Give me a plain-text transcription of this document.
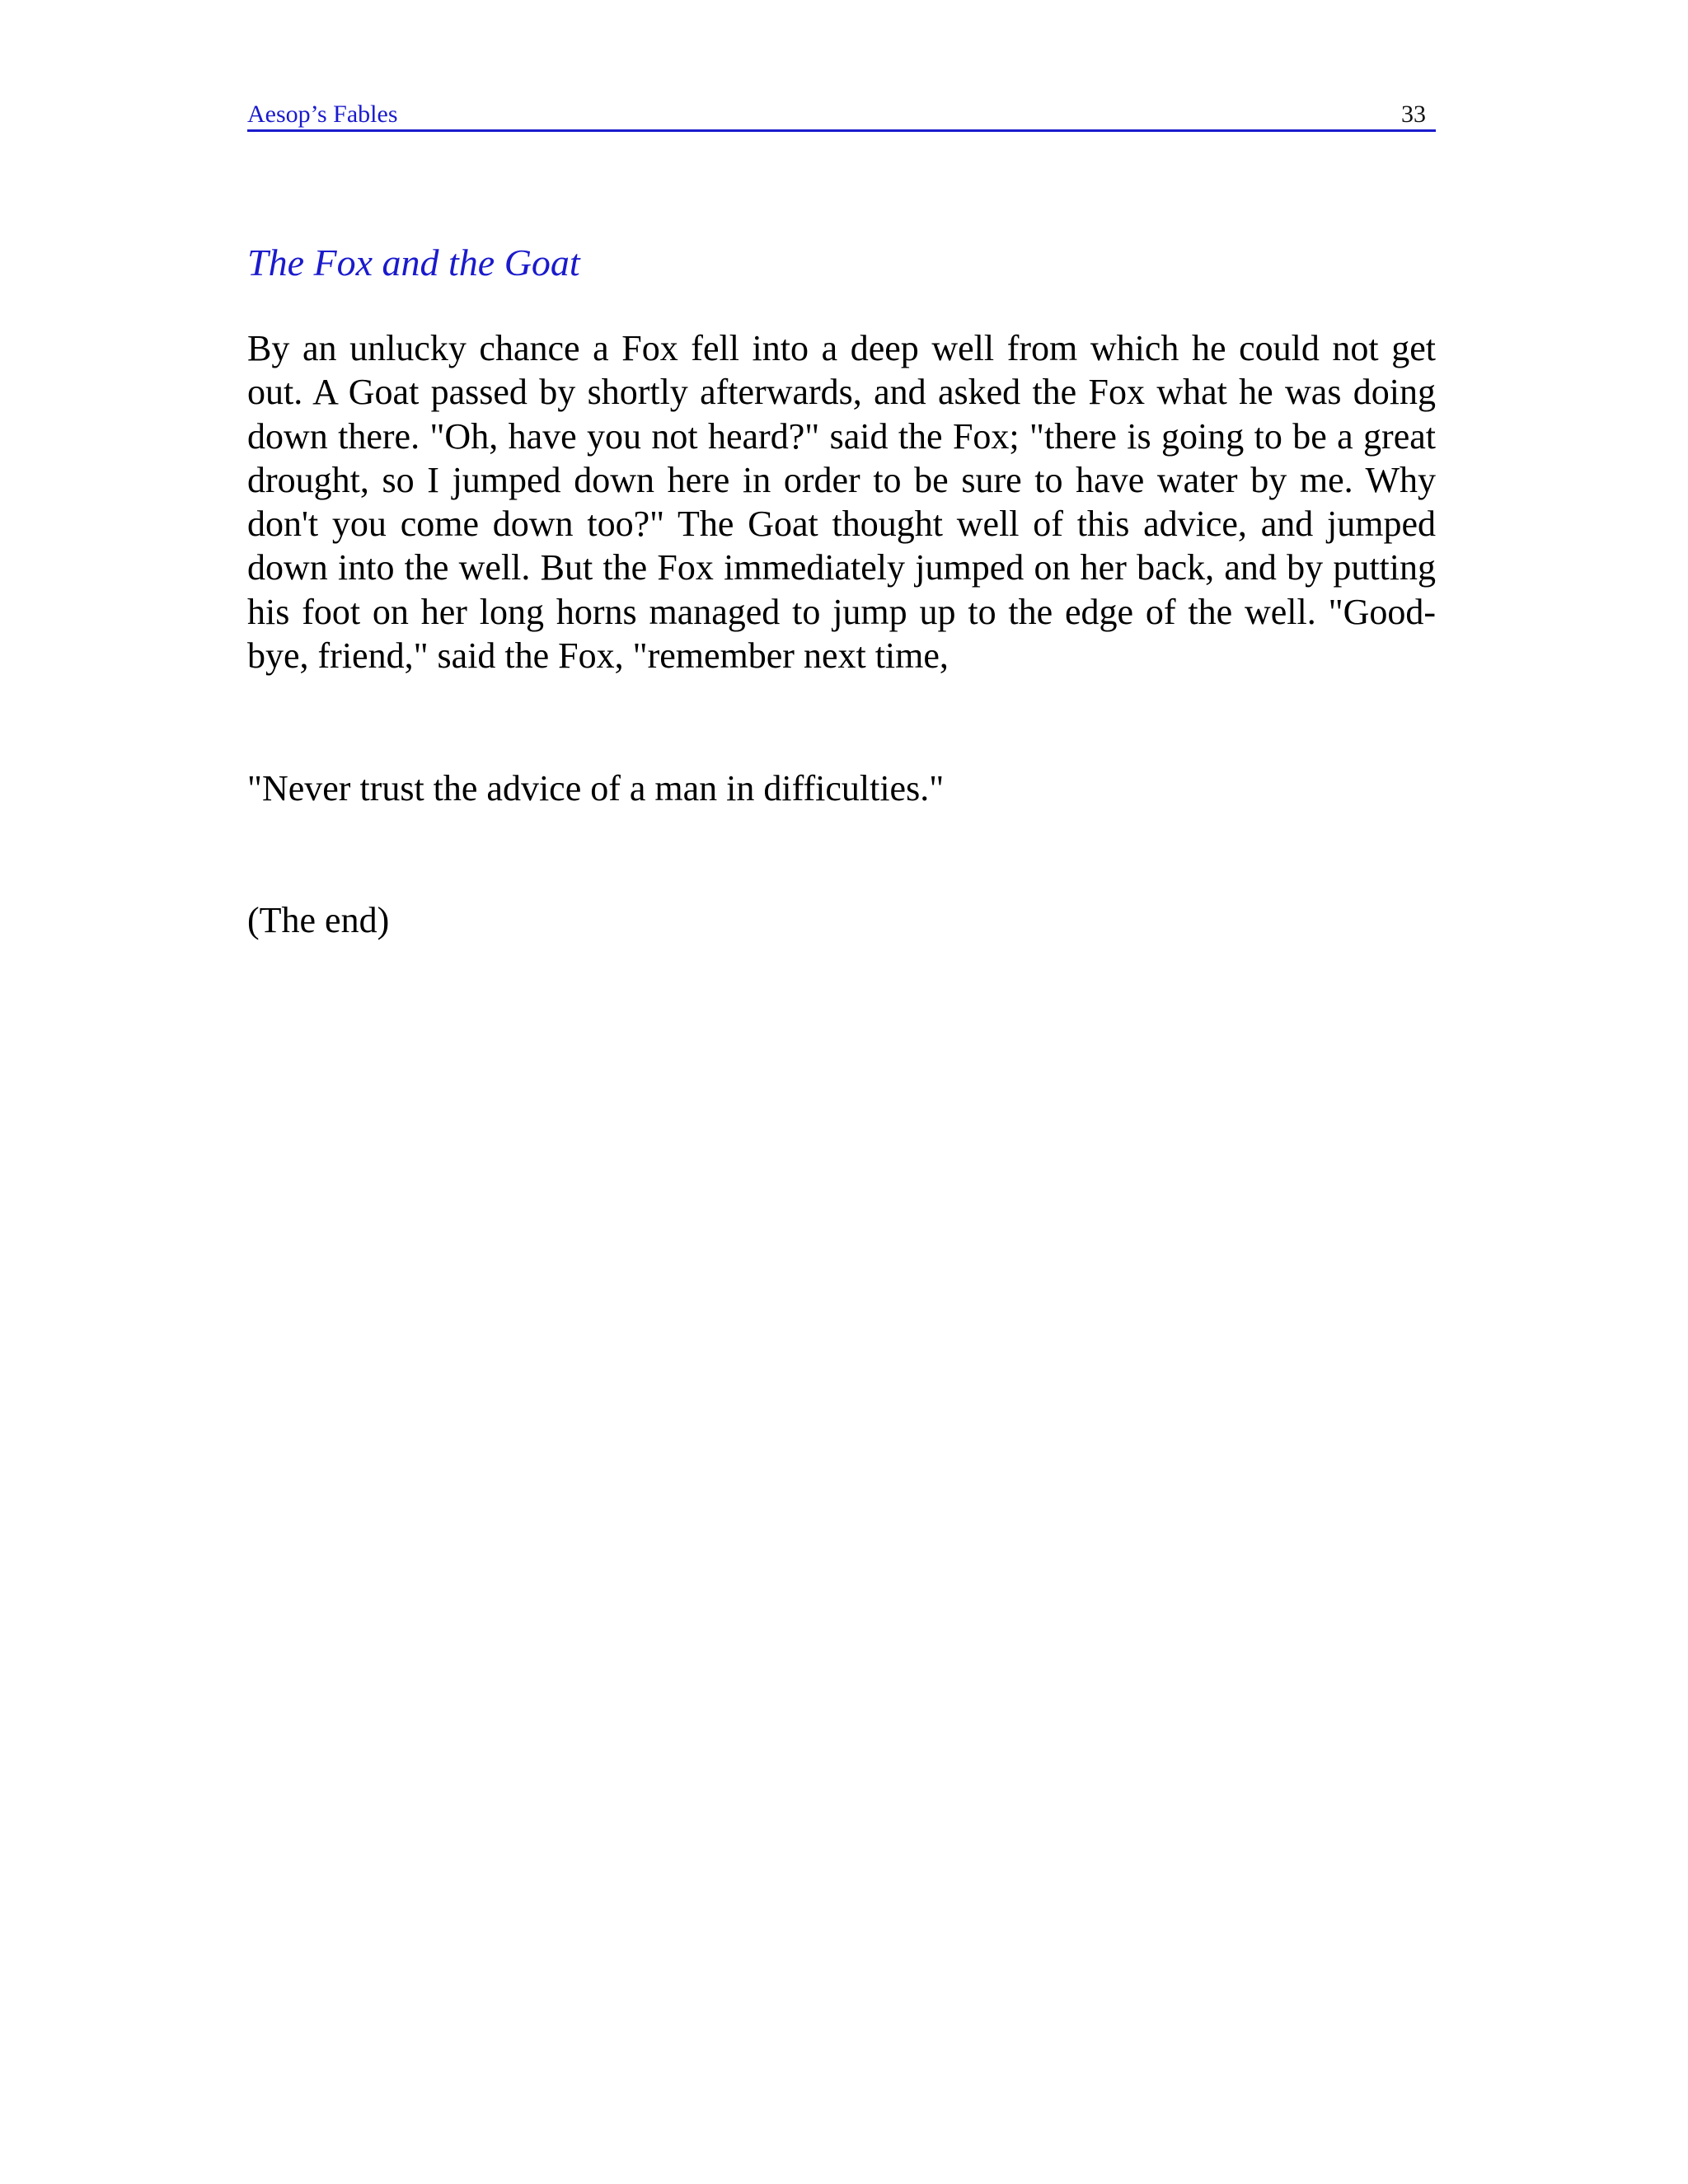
Aesop’s Fables	33
The Fox and the Goat

By an unlucky chance a Fox fell into a deep well from which he could not get out. A Goat passed by shortly afterwards, and asked the Fox what he was doing down there. "Oh, have you not heard?" said the Fox; "there is going to be a great drought, so I jumped down here in order to be sure to have water by me. Why don't you come down too?" The Goat thought well of this advice, and jumped down into the well. But the Fox immediately jumped on her back, and by putting his foot on her long horns managed to jump up to the edge of the well. "Good-bye, friend," said the Fox, "remember next time,

"Never trust the advice of a man in difficulties."

(The end)
